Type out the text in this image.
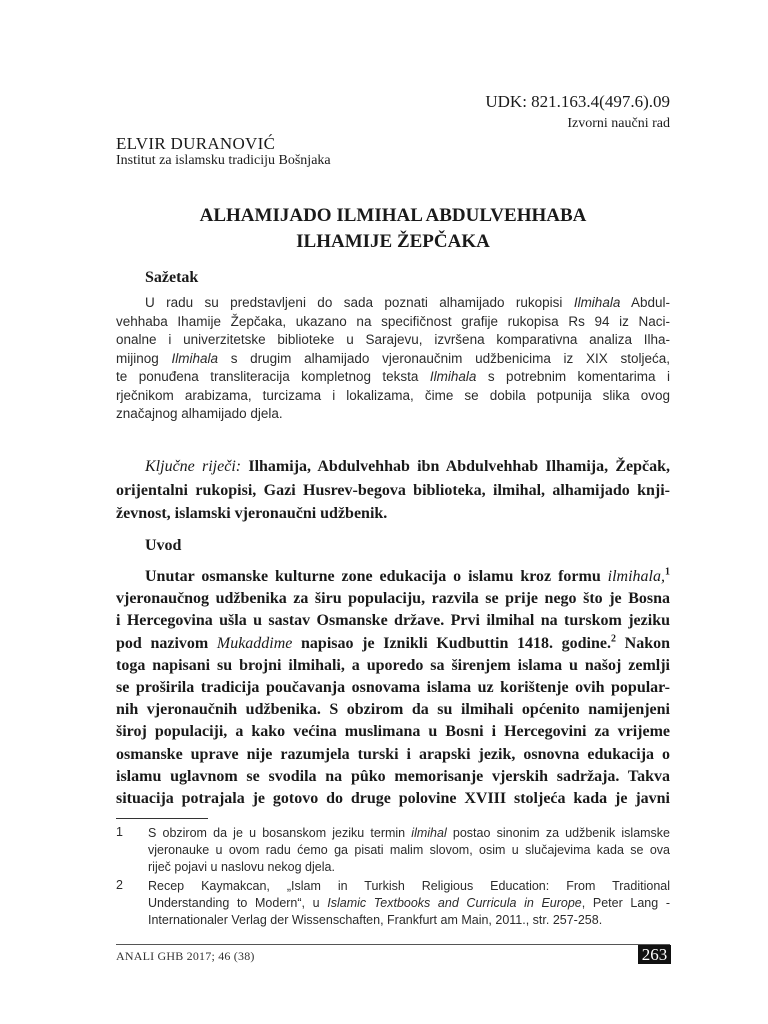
UDK: 821.163.4(497.6).09
Izvorni naučni rad
ELVIR DURANOVIĆ
Institut za islamsku tradiciju Bošnjaka
ALHAMIJADO ILMIHAL ABDULVEHHABA
ILHAMIJE ŽEPČAKA
Sažetak
U radu su predstavljeni do sada poznati alhamijado rukopisi Ilmihala Abdul-
vehhaba Ihamije Žepčaka, ukazano na specifičnost grafije rukopisa Rs 94 iz Naci-
onalne i univerzitetske biblioteke u Sarajevu, izvršena komparativna analiza Ilha-
mijinog Ilmihala s drugim alhamijado vjeronaučnim udžbenicima iz XIX stoljeća,
te ponuđena transliteracija kompletnog teksta Ilmihala s potrebnim komentarima i
rječnikom arabizama, turcizama i lokalizama, čime se dobila potpunija slika ovog
značajnog alhamijado djela.
Ključne riječi: Ilhamija, Abdulvehhab ibn Abdulvehhab Ilhamija, Žepčak,
orijentalni rukopisi, Gazi Husrev-begova biblioteka, ilmihal, alhamijado knji-
ževnost, islamski vjeronaučni udžbenik.
Uvod
Unutar osmanske kulturne zone edukacija o islamu kroz formu ilmihala,$^1$
vjeronaučnog udžbenika za širu populaciju, razvila se prije nego što je Bosna
i Hercegovina ušla u sastav Osmanske države. Prvi ilmihal na turskom jeziku
pod nazivom Mukaddime napisao je Iznikli Kudbuttin 1418. godine.$^2$ Nakon
toga napisani su brojni ilmihali, a uporedo sa širenjem islama u našoj zemlji
se proširila tradicija poučavanja osnovama islama uz korištenje ovih popular-
nih vjeronaučnih udžbenika. S obzirom da su ilmihali općenito namijenjeni
široj populaciji, a kako većina muslimana u Bosni i Hercegovini za vrijeme
osmanske uprave nije razumjela turski i arapski jezik, osnovna edukacija o
islamu uglavnom se svodila na pûko memorisanje vjerskih sadržaja. Takva
situacija potrajala je gotovo do druge polovine XVIII stoljeća kada je javni
1 S obzirom da je u bosanskom jeziku termin ilmihal postao sinonim za udžbenik islamske
vjeronauke u ovom radu ćemo ga pisati malim slovom, osim u slučajevima kada se ova
riječ pojavi u naslovu nekog djela.
2 Recep Kaymakcan, „Islam in Turkish Religious Education: From Traditional
Understanding to Modern“, u Islamic Textbooks and Curricula in Europe, Peter Lang -
Internationaler Verlag der Wissenschaften, Frankfurt am Main, 2011., str. 257-258.
ANALI GHB 2017; 46 (38)	263
